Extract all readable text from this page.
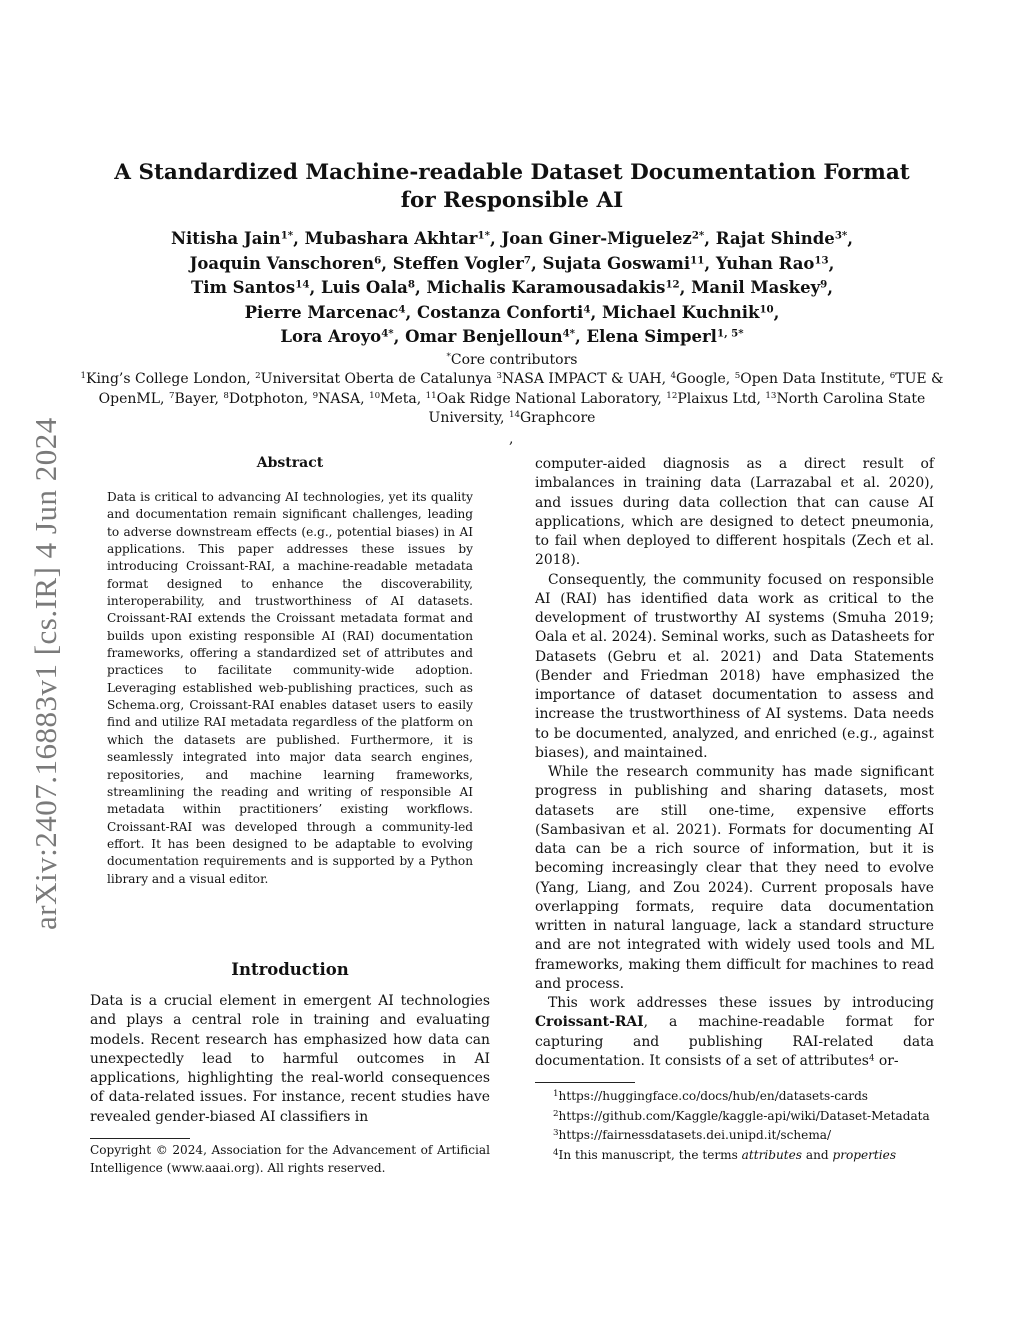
arXiv:2407.16883v1 [cs.IR] 4 Jun 2024
A Standardized Machine-readable Dataset Documentation Format
for Responsible AI
Nitisha Jain$^{1*}$, Mubashara Akhtar$^{1*}$, Joan Giner-Miguelez$^{2*}$, Rajat Shinde$^{3*}$,
Joaquin Vanschoren$^6$, Steffen Vogler$^7$, Sujata Goswami$^{11}$, Yuhan Rao$^{13}$,
Tim Santos$^{14}$, Luis Oala$^8$, Michalis Karamousadakis$^{12}$, Manil Maskey$^9$,
Pierre Marcenac$^4$, Costanza Conforti$^4$, Michael Kuchnik$^{10}$,
Lora Aroyo$^{4*}$, Omar Benjelloun$^{4*}$, Elena Simperl$^{1, 5*}$
*Core contributors
$^1$King’s College London, $^2$Universitat Oberta de Catalunya $^3$NASA IMPACT & UAH, $^4$Google, $^5$Open Data Institute, $^6$TUE & OpenML, $^7$Bayer, $^8$Dotphoton, $^9$NASA, $^{10}$Meta, $^{11}$Oak Ridge National Laboratory, $^{12}$Plaixus Ltd, $^{13}$North Carolina State University, $^{14}$Graphcore
,
Abstract
Data is critical to advancing AI technologies, yet its quality and documentation remain significant challenges, leading to adverse downstream effects (e.g., potential biases) in AI applications. This paper addresses these issues by introducing Croissant-RAI, a machine-readable metadata format designed to enhance the discoverability, interoperability, and trustworthiness of AI datasets. Croissant-RAI extends the Croissant metadata format and builds upon existing responsible AI (RAI) documentation frameworks, offering a standardized set of attributes and practices to facilitate community-wide adoption. Leveraging established web-publishing practices, such as Schema.org, Croissant-RAI enables dataset users to easily find and utilize RAI metadata regardless of the platform on which the datasets are published. Furthermore, it is seamlessly integrated into major data search engines, repositories, and machine learning frameworks, streamlining the reading and writing of responsible AI metadata within practitioners’ existing workflows. Croissant-RAI was developed through a community-led effort. It has been designed to be adaptable to evolving documentation requirements and is supported by a Python library and a visual editor.
Introduction

Data is a crucial element in emergent AI technologies and plays a central role in training and evaluating models. Recent research has emphasized how data can unexpectedly lead to harmful outcomes in AI applications, highlighting the real-world consequences of data-related issues. For instance, recent studies have revealed gender-biased AI classifiers in

Copyright © 2024, Association for the Advancement of Artificial Intelligence (www.aaai.org). All rights reserved.

computer-aided diagnosis as a direct result of imbalances in training data (Larrazabal et al. 2020), and issues during data collection that can cause AI applications, which are designed to detect pneumonia, to fail when deployed to different hospitals (Zech et al. 2018).

Consequently, the community focused on responsible AI (RAI) has identified data work as critical to the development of trustworthy AI systems (Smuha 2019; Oala et al. 2024). Seminal works, such as Datasheets for Datasets (Gebru et al. 2021) and Data Statements (Bender and Friedman 2018) have emphasized the importance of dataset documentation to assess and increase the trustworthiness of AI systems. Data needs to be documented, analyzed, and enriched (e.g., against biases), and maintained.

While the research community has made significant progress in publishing and sharing datasets, most datasets are still one-time, expensive efforts (Sambasivan et al. 2021). Formats for documenting AI data can be a rich source of information, but it is becoming increasingly clear that they need to evolve (Yang, Liang, and Zou 2024). Current proposals have overlapping formats, require data documentation written in natural language, lack a standard structure and are not integrated with widely used tools and ML frameworks, making them difficult for machines to read and process.

This work addresses these issues by introducing Croissant-RAI, a machine-readable format for capturing and publishing RAI-related data documentation. It consists of a set of attributes$^4$ or-

$^1$https://huggingface.co/docs/hub/en/datasets-cards

$^2$https://github.com/Kaggle/kaggle-api/wiki/Dataset-Metadata

$^3$https://fairnessdatasets.dei.unipd.it/schema/

$^4$In this manuscript, the terms attributes and properties
